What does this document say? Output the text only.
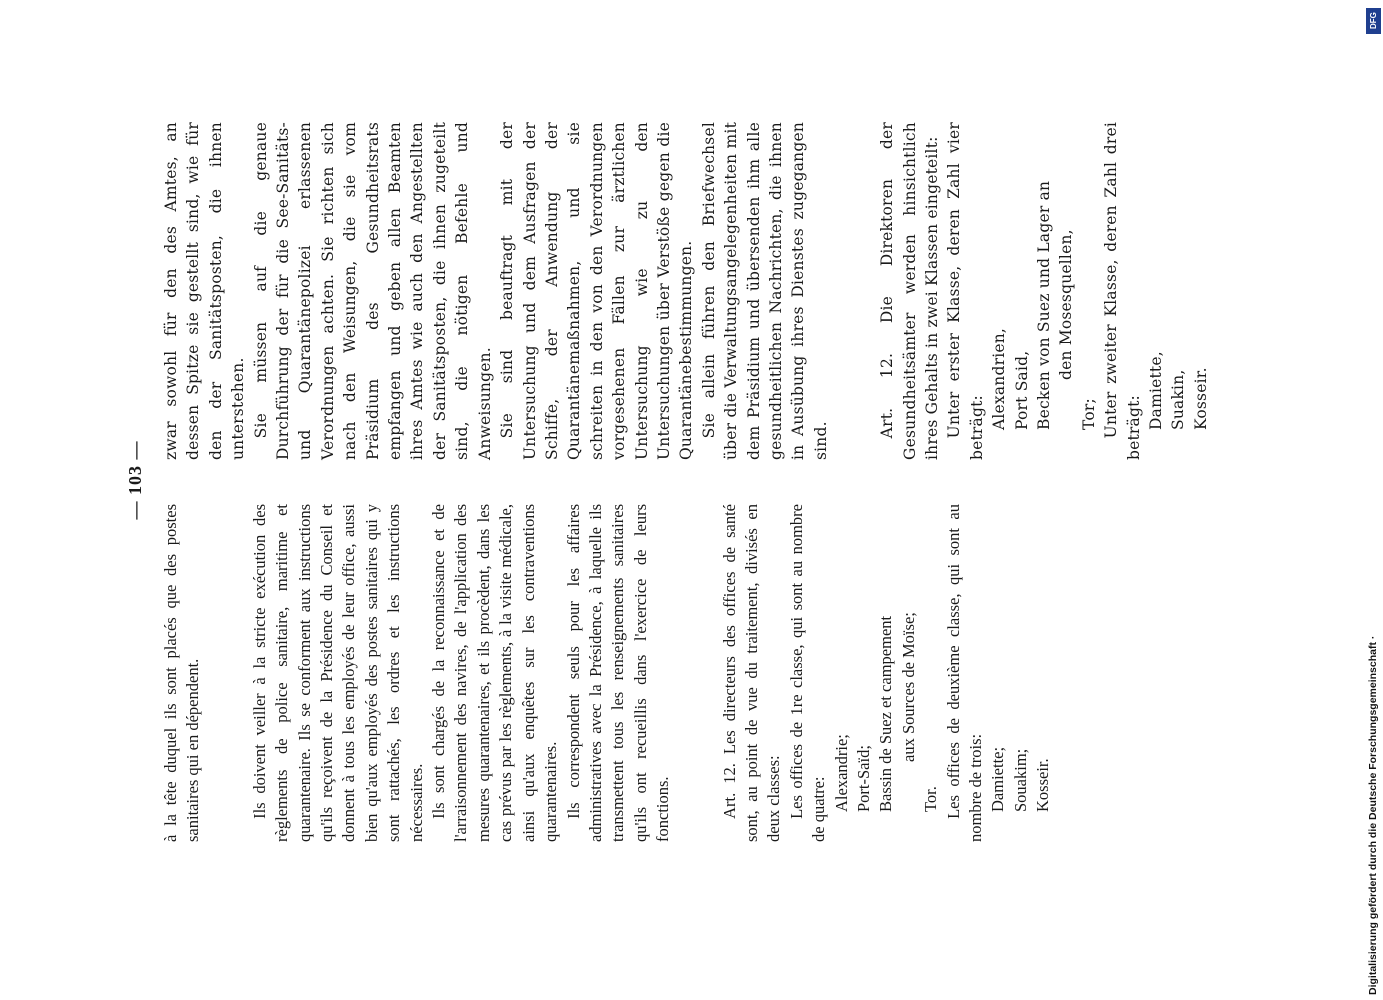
— 103 —

à la tête duquel ils sont placés que des postes sanitaires qui en dépendent.	Ils doivent veiller à la stricte exécution des règlements de police sanitaire, maritime et quarantenaire. Ils se conforment aux instructions qu'ils reçoivent de la Présidence du Conseil et donnent à tous les employés de leur office, aussi bien qu'aux employés des postes sanitaires qui y sont rattachés, les ordres et les instructions nécessaires. Ils sont chargés de la reconnaissance et de l'arraisonnement des navires, de l'application des mesures quarantenaires, et ils procèdent, dans les cas prévus par les règlements, à la visite médicale, ainsi qu'aux enquêtes sur les contraventions quarantenaires. Ils correspondent seuls pour les affaires administratives avec la Présidence, à laquelle ils transmettent tous les renseignements sanitaires qu'ils ont recueillis dans l'exercice de leurs fonctions.	Art. 12. Les directeurs des offices de santé sont, au point de vue du traitement, divisés en deux classes: Les offices de 1re classe, qui sont au nombre de quatre: Alexandrie; Port-Saïd; Bassin de Suez et campement aux Sources de Moïse;
Tor. Les offices de deuxième classe, qui sont au nombre de trois: Damiette; Souakim; Kosseir.

zwar sowohl für den des Amtes, an dessen Spitze sie gestellt sind, wie für den der Sanitätsposten, die ihnen unterstehen. Sie müssen auf die genaue Durchführung der für die See-Sanitäts- und Quarantänepolizei erlassenen Verordnungen achten. Sie richten sich nach den Weisungen, die sie vom Präsidium des Gesundheitsrats empfangen und geben allen Beamten ihres Amtes wie auch den Angestellten der Sanitätsposten, die ihnen zugeteilt sind, die nötigen Befehle und Anweisungen. Sie sind beauftragt mit der Untersuchung und dem Ausfragen der Schiffe, der Anwendung der Quarantänemaßnahmen, und sie schreiten in den von den Verordnungen vorgesehenen Fällen zur ärztlichen Untersuchung wie zu den Untersuchungen über Verstöße gegen die Quarantänebestimmungen. Sie allein führen den Briefwechsel über die Verwaltungsangelegenheiten mit dem Präsidium und übersenden ihm alle gesundheitlichen Nachrichten, die ihnen in Ausübung ihres Dienstes zugegangen sind.

Art. 12. Die Direktoren der Gesundheitsämter werden hinsichtlich ihres Gehalts in zwei Klassen eingeteilt: Unter erster Klasse, deren Zahl vier beträgt: Alexandrien, Port Said, Becken von Suez und Lager an den Mosesquellen,
Tor; Unter zweiter Klasse, deren Zahl drei beträgt: Damiette, Suakin, Kosseir.
DFG
Digitalisierung gefördert durch die Deutsche Forschungsgemeinschaft ·
